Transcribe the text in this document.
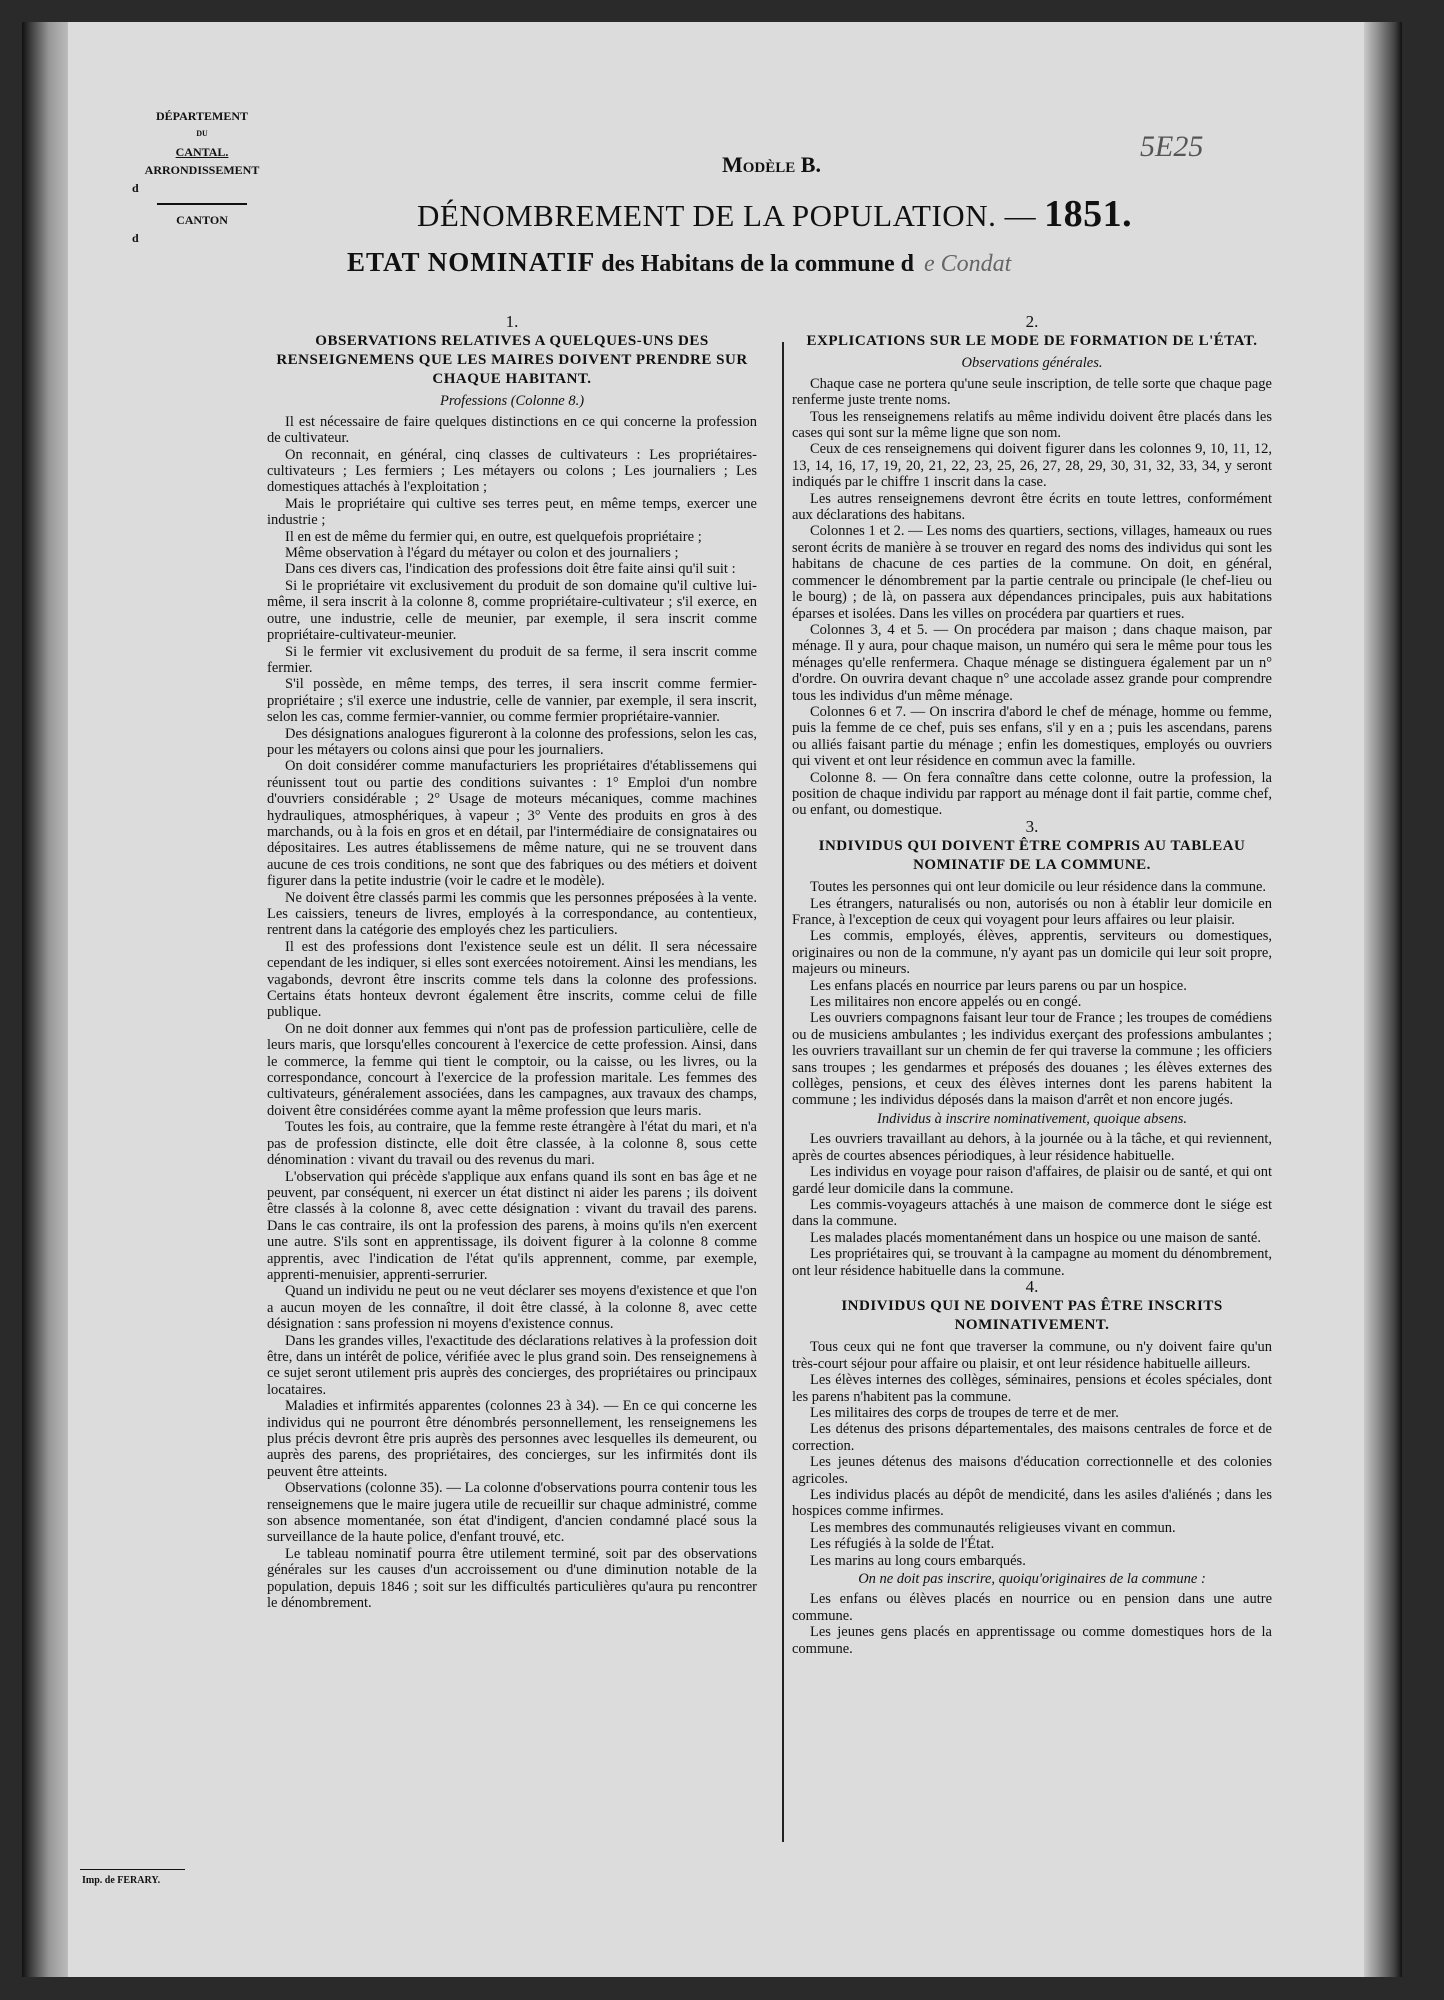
DÉPARTEMENT
DU
CANTAL.
ARRONDISSEMENT
d
CANTON
d
Modèle B.
5E25
DÉNOMBREMENT DE LA POPULATION. — 1851.
ETAT NOMINATIF des Habitans de la commune d e Condat
1.
OBSERVATIONS RELATIVES A QUELQUES-UNS DES RENSEIGNEMENS QUE LES MAIRES DOIVENT PRENDRE SUR CHAQUE HABITANT.
Professions (Colonne 8.)

Il est nécessaire de faire quelques distinctions en ce qui concerne la profession de cultivateur.

On reconnait, en général, cinq classes de cultivateurs : Les propriétaires-cultivateurs ; Les fermiers ; Les métayers ou colons ; Les journaliers ; Les domestiques attachés à l'exploitation ;

Mais le propriétaire qui cultive ses terres peut, en même temps, exercer une industrie ;

Il en est de même du fermier qui, en outre, est quelquefois propriétaire ;

Même observation à l'égard du métayer ou colon et des journaliers ;

Dans ces divers cas, l'indication des professions doit être faite ainsi qu'il suit :

Si le propriétaire vit exclusivement du produit de son domaine qu'il cultive lui-même, il sera inscrit à la colonne 8, comme propriétaire-cultivateur ; s'il exerce, en outre, une industrie, celle de meunier, par exemple, il sera inscrit comme propriétaire-cultivateur-meunier.

Si le fermier vit exclusivement du produit de sa ferme, il sera inscrit comme fermier.

S'il possède, en même temps, des terres, il sera inscrit comme fermier-propriétaire ; s'il exerce une industrie, celle de vannier, par exemple, il sera inscrit, selon les cas, comme fermier-vannier, ou comme fermier propriétaire-vannier.

Des désignations analogues figureront à la colonne des professions, selon les cas, pour les métayers ou colons ainsi que pour les journaliers.

On doit considérer comme manufacturiers les propriétaires d'établissemens qui réunissent tout ou partie des conditions suivantes : 1° Emploi d'un nombre d'ouvriers considérable ; 2° Usage de moteurs mécaniques, comme machines hydrauliques, atmosphériques, à vapeur ; 3° Vente des produits en gros à des marchands, ou à la fois en gros et en détail, par l'intermédiaire de consignataires ou dépositaires. Les autres établissemens de même nature, qui ne se trouvent dans aucune de ces trois conditions, ne sont que des fabriques ou des métiers et doivent figurer dans la petite industrie (voir le cadre et le modèle).

Ne doivent être classés parmi les commis que les personnes préposées à la vente. Les caissiers, teneurs de livres, employés à la correspondance, au contentieux, rentrent dans la catégorie des employés chez les particuliers.

Il est des professions dont l'existence seule est un délit. Il sera nécessaire cependant de les indiquer, si elles sont exercées notoirement. Ainsi les mendians, les vagabonds, devront être inscrits comme tels dans la colonne des professions. Certains états honteux devront également être inscrits, comme celui de fille publique.

On ne doit donner aux femmes qui n'ont pas de profession particulière, celle de leurs maris, que lorsqu'elles concourent à l'exercice de cette profession. Ainsi, dans le commerce, la femme qui tient le comptoir, ou la caisse, ou les livres, ou la correspondance, concourt à l'exercice de la profession maritale. Les femmes des cultivateurs, généralement associées, dans les campagnes, aux travaux des champs, doivent être considérées comme ayant la même profession que leurs maris.

Toutes les fois, au contraire, que la femme reste étrangère à l'état du mari, et n'a pas de profession distincte, elle doit être classée, à la colonne 8, sous cette dénomination : vivant du travail ou des revenus du mari.

L'observation qui précède s'applique aux enfans quand ils sont en bas âge et ne peuvent, par conséquent, ni exercer un état distinct ni aider les parens ; ils doivent être classés à la colonne 8, avec cette désignation : vivant du travail des parens. Dans le cas contraire, ils ont la profession des parens, à moins qu'ils n'en exercent une autre. S'ils sont en apprentissage, ils doivent figurer à la colonne 8 comme apprentis, avec l'indication de l'état qu'ils apprennent, comme, par exemple, apprenti-menuisier, apprenti-serrurier.

Quand un individu ne peut ou ne veut déclarer ses moyens d'existence et que l'on a aucun moyen de les connaître, il doit être classé, à la colonne 8, avec cette désignation : sans profession ni moyens d'existence connus.

Dans les grandes villes, l'exactitude des déclarations relatives à la profession doit être, dans un intérêt de police, vérifiée avec le plus grand soin. Des renseignemens à ce sujet seront utilement pris auprès des concierges, des propriétaires ou principaux locataires.

Maladies et infirmités apparentes (colonnes 23 à 34). — En ce qui concerne les individus qui ne pourront être dénombrés personnellement, les renseignemens les plus précis devront être pris auprès des personnes avec lesquelles ils demeurent, ou auprès des parens, des propriétaires, des concierges, sur les infirmités dont ils peuvent être atteints.

Observations (colonne 35). — La colonne d'observations pourra contenir tous les renseignemens que le maire jugera utile de recueillir sur chaque administré, comme son absence momentanée, son état d'indigent, d'ancien condamné placé sous la surveillance de la haute police, d'enfant trouvé, etc.

Le tableau nominatif pourra être utilement terminé, soit par des observations générales sur les causes d'un accroissement ou d'une diminution notable de la population, depuis 1846 ; soit sur les difficultés particulières qu'aura pu rencontrer le dénombrement.

2.
EXPLICATIONS SUR LE MODE DE FORMATION DE L'ÉTAT.
Observations générales.

Chaque case ne portera qu'une seule inscription, de telle sorte que chaque page renferme juste trente noms.

Tous les renseignemens relatifs au même individu doivent être placés dans les cases qui sont sur la même ligne que son nom.

Ceux de ces renseignemens qui doivent figurer dans les colonnes 9, 10, 11, 12, 13, 14, 16, 17, 19, 20, 21, 22, 23, 25, 26, 27, 28, 29, 30, 31, 32, 33, 34, y seront indiqués par le chiffre 1 inscrit dans la case.

Les autres renseignemens devront être écrits en toute lettres, conformément aux déclarations des habitans.

Colonnes 1 et 2. — Les noms des quartiers, sections, villages, hameaux ou rues seront écrits de manière à se trouver en regard des noms des individus qui sont les habitans de chacune de ces parties de la commune. On doit, en général, commencer le dénombrement par la partie centrale ou principale (le chef-lieu ou le bourg) ; de là, on passera aux dépendances principales, puis aux habitations éparses et isolées. Dans les villes on procédera par quartiers et rues.

Colonnes 3, 4 et 5. — On procédera par maison ; dans chaque maison, par ménage. Il y aura, pour chaque maison, un numéro qui sera le même pour tous les ménages qu'elle renfermera. Chaque ménage se distinguera également par un n° d'ordre. On ouvrira devant chaque n° une accolade assez grande pour comprendre tous les individus d'un même ménage.

Colonnes 6 et 7. — On inscrira d'abord le chef de ménage, homme ou femme, puis la femme de ce chef, puis ses enfans, s'il y en a ; puis les ascendans, parens ou alliés faisant partie du ménage ; enfin les domestiques, employés ou ouvriers qui vivent et ont leur résidence en commun avec la famille.

Colonne 8. — On fera connaître dans cette colonne, outre la profession, la position de chaque individu par rapport au ménage dont il fait partie, comme chef, ou enfant, ou domestique.

3.
INDIVIDUS QUI DOIVENT ÊTRE COMPRIS AU TABLEAU NOMINATIF DE LA COMMUNE.

Toutes les personnes qui ont leur domicile ou leur résidence dans la commune.

Les étrangers, naturalisés ou non, autorisés ou non à établir leur domicile en France, à l'exception de ceux qui voyagent pour leurs affaires ou leur plaisir.

Les commis, employés, élèves, apprentis, serviteurs ou domestiques, originaires ou non de la commune, n'y ayant pas un domicile qui leur soit propre, majeurs ou mineurs.

Les enfans placés en nourrice par leurs parens ou par un hospice.

Les militaires non encore appelés ou en congé.

Les ouvriers compagnons faisant leur tour de France ; les troupes de comédiens ou de musiciens ambulantes ; les individus exerçant des professions ambulantes ; les ouvriers travaillant sur un chemin de fer qui traverse la commune ; les officiers sans troupes ; les gendarmes et préposés des douanes ; les élèves externes des collèges, pensions, et ceux des élèves internes dont les parens habitent la commune ; les individus déposés dans la maison d'arrêt et non encore jugés.

Individus à inscrire nominativement, quoique absens.

Les ouvriers travaillant au dehors, à la journée ou à la tâche, et qui reviennent, après de courtes absences périodiques, à leur résidence habituelle.

Les individus en voyage pour raison d'affaires, de plaisir ou de santé, et qui ont gardé leur domicile dans la commune.

Les commis-voyageurs attachés à une maison de commerce dont le siége est dans la commune.

Les malades placés momentanément dans un hospice ou une maison de santé.

Les propriétaires qui, se trouvant à la campagne au moment du dénombrement, ont leur résidence habituelle dans la commune.

4.
INDIVIDUS QUI NE DOIVENT PAS ÊTRE INSCRITS NOMINATIVEMENT.

Tous ceux qui ne font que traverser la commune, ou n'y doivent faire qu'un très-court séjour pour affaire ou plaisir, et ont leur résidence habituelle ailleurs.

Les élèves internes des collèges, séminaires, pensions et écoles spéciales, dont les parens n'habitent pas la commune.

Les militaires des corps de troupes de terre et de mer.

Les détenus des prisons départementales, des maisons centrales de force et de correction.

Les jeunes détenus des maisons d'éducation correctionnelle et des colonies agricoles.

Les individus placés au dépôt de mendicité, dans les asiles d'aliénés ; dans les hospices comme infirmes.

Les membres des communautés religieuses vivant en commun.

Les réfugiés à la solde de l'État.

Les marins au long cours embarqués.

On ne doit pas inscrire, quoiqu'originaires de la commune :

Les enfans ou élèves placés en nourrice ou en pension dans une autre commune.

Les jeunes gens placés en apprentissage ou comme domestiques hors de la commune.

Imp. de FERARY.
